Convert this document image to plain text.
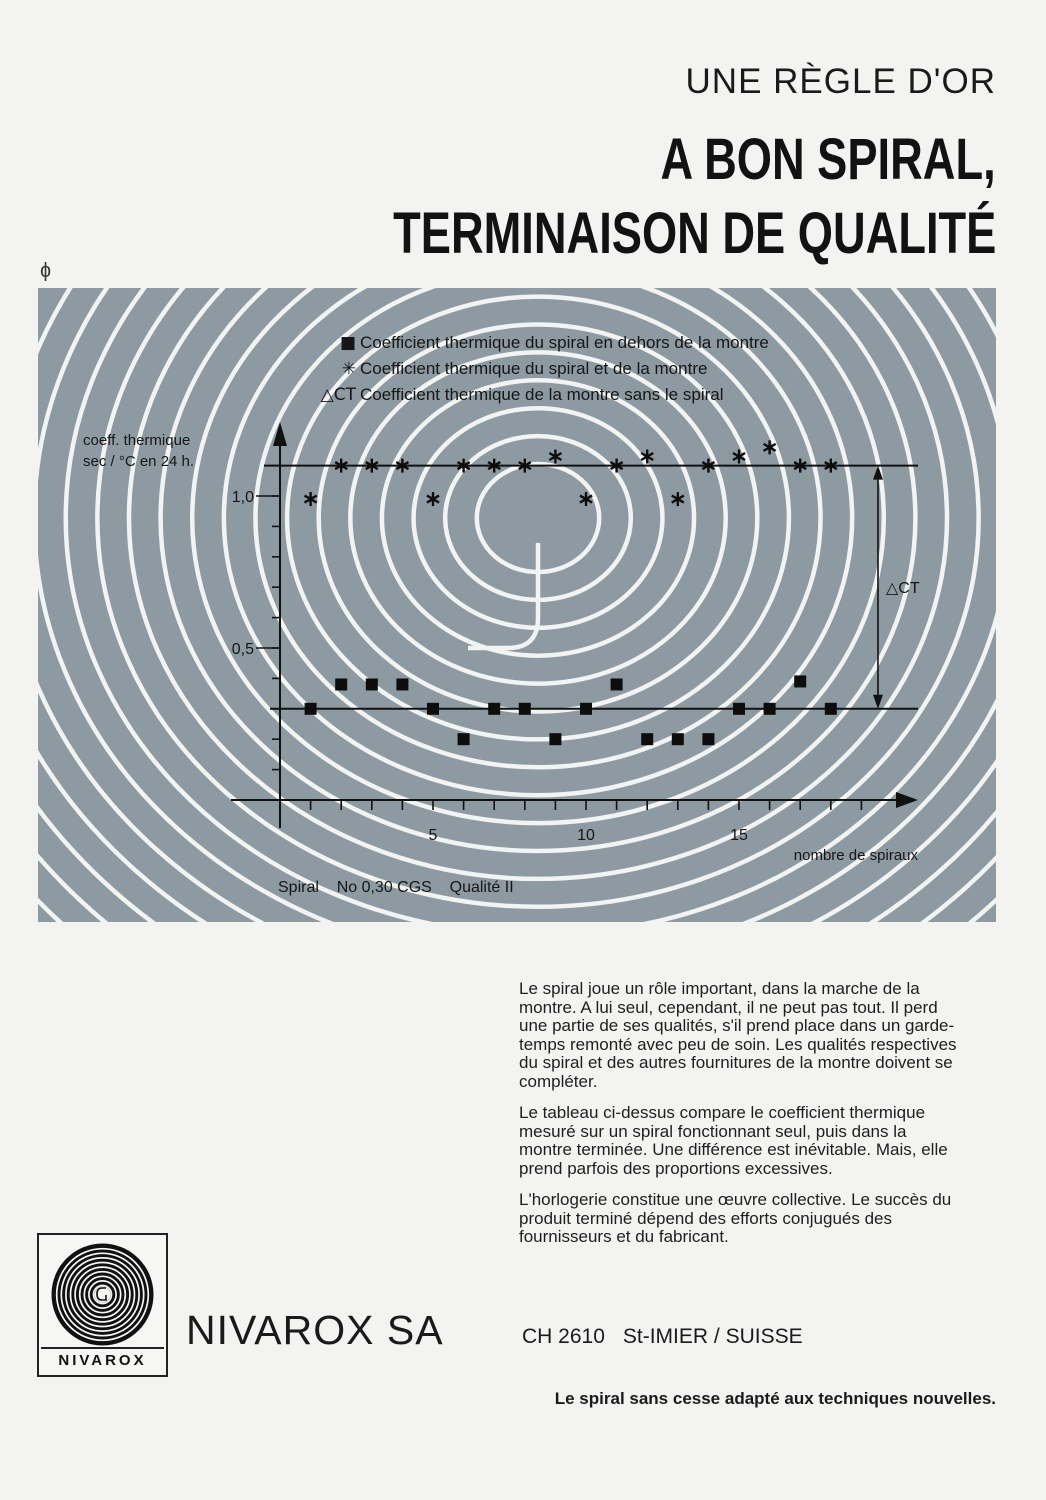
UNE RÈGLE D'OR
A BON SPIRAL,
TERMINAISON DE QUALITÉ
ɸ
1,0
0,5
5	10	15
△CT
■ Coefficient thermique du spiral en dehors de la montre
✳ Coefficient thermique du spiral et de la montre
△CT Coefficient thermique de la montre sans le spiral
coeff. thermique
sec / °C en 24 h.
nombre de spiraux
Spiral    No 0,30 CGS    Qualité II

Le spiral joue un rôle important, dans la marche de la montre. A lui seul, cependant, il ne peut pas tout. Il perd une partie de ses qualités, s'il prend place dans un garde-temps remonté avec peu de soin. Les qualités respectives du spiral et des autres fournitures de la montre doivent se compléter.

Le tableau ci-dessus compare le coefficient thermique mesuré sur un spiral fonctionnant seul, puis dans la montre terminée. Une différence est inévitable. Mais, elle prend parfois des proportions excessives.

L'horlogerie constitue une œuvre collective. Le succès du produit terminé dépend des efforts conjugués des fournisseurs et du fabricant.

NIVAROX
NIVAROX SA	CH 2610 St-IMIER / SUISSE
Le spiral sans cesse adapté aux techniques nouvelles.
